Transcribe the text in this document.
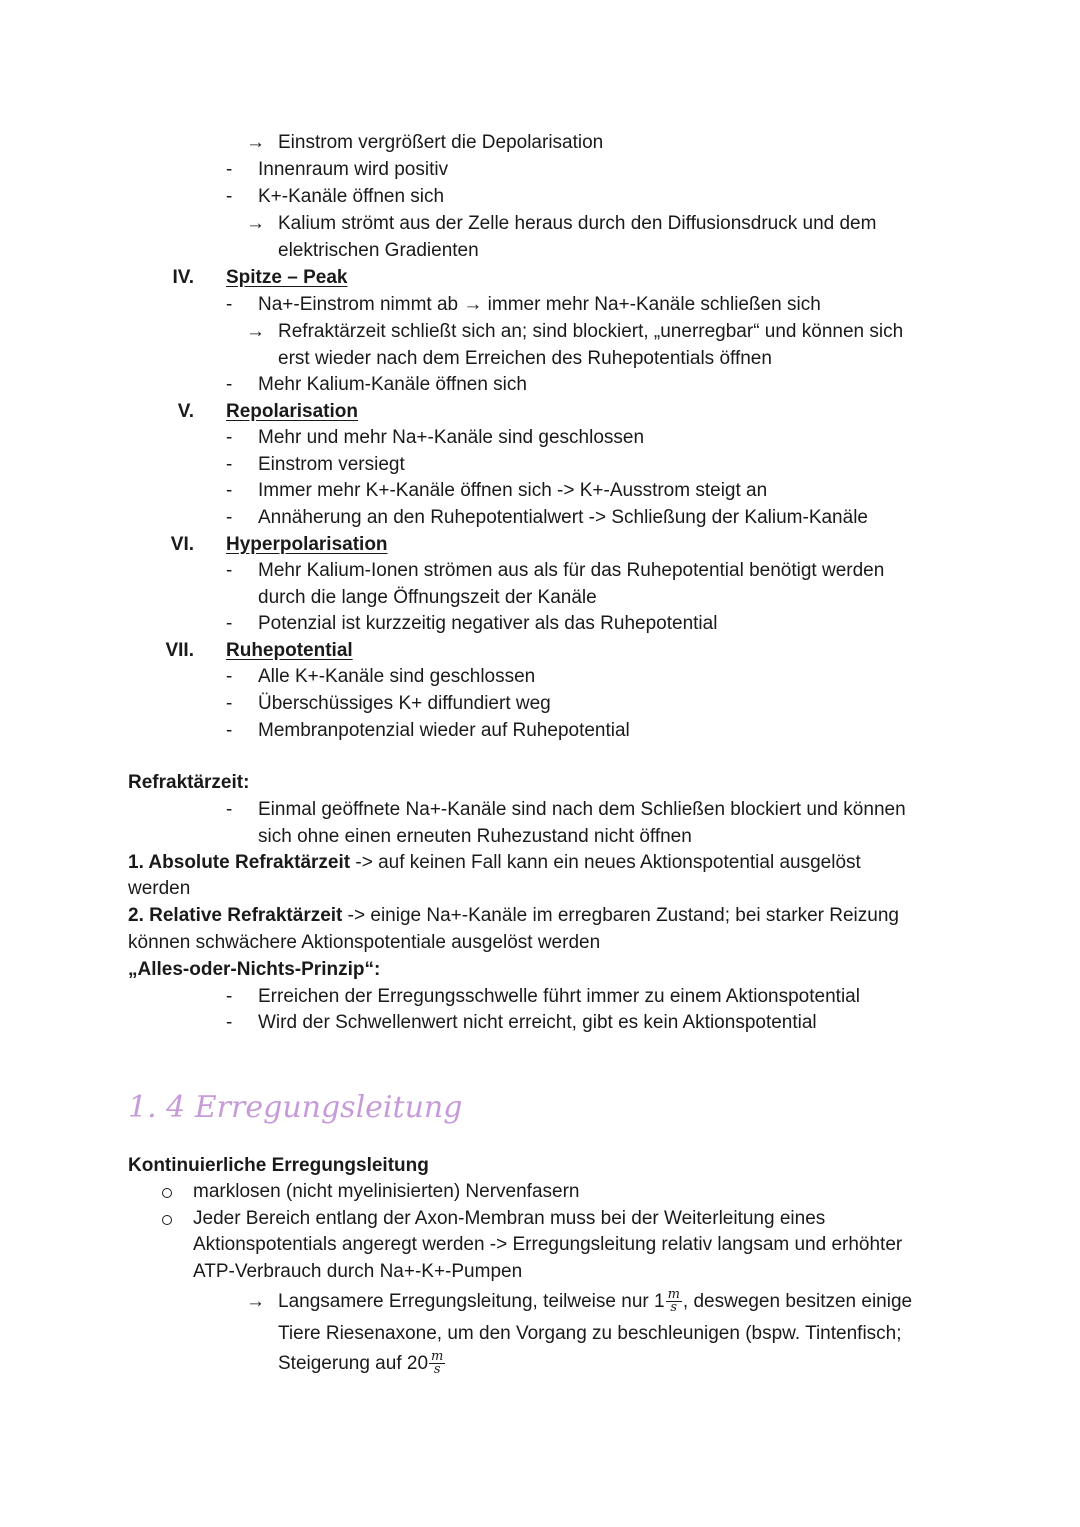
→ Einstrom vergrößert die Depolarisation
- Innenraum wird positiv
- K+-Kanäle öffnen sich
→ Kalium strömt aus der Zelle heraus durch den Diffusionsdruck und dem
elektrischen Gradienten
IV. Spitze – Peak
- Na+-Einstrom nimmt ab → immer mehr Na+-Kanäle schließen sich
→ Refraktärzeit schließt sich an; sind blockiert, „unerregbar“ und können sich
erst wieder nach dem Erreichen des Ruhepotentials öffnen
- Mehr Kalium-Kanäle öffnen sich
V. Repolarisation
- Mehr und mehr Na+-Kanäle sind geschlossen
- Einstrom versiegt
- Immer mehr K+-Kanäle öffnen sich -> K+-Ausstrom steigt an
- Annäherung an den Ruhepotentialwert -> Schließung der Kalium-Kanäle
VI. Hyperpolarisation
- Mehr Kalium-Ionen strömen aus als für das Ruhepotential benötigt werden
durch die lange Öffnungszeit der Kanäle
- Potenzial ist kurzzeitig negativer als das Ruhepotential
VII. Ruhepotential
- Alle K+-Kanäle sind geschlossen
- Überschüssiges K+ diffundiert weg
- Membranpotenzial wieder auf Ruhepotential
Refraktärzeit:
- Einmal geöffnete Na+-Kanäle sind nach dem Schließen blockiert und können
sich ohne einen erneuten Ruhezustand nicht öffnen
1. Absolute Refraktärzeit -> auf keinen Fall kann ein neues Aktionspotential ausgelöst
werden
2. Relative Refraktärzeit -> einige Na+-Kanäle im erregbaren Zustand; bei starker Reizung
können schwächere Aktionspotentiale ausgelöst werden
„Alles-oder-Nichts-Prinzip“:
- Erreichen der Erregungsschwelle führt immer zu einem Aktionspotential
- Wird der Schwellenwert nicht erreicht, gibt es kein Aktionspotential
1. 4 Erregungsleitung
Kontinuierliche Erregungsleitung
marklosen (nicht myelinisierten) Nervenfasern
Jeder Bereich entlang der Axon-Membran muss bei der Weiterleitung eines
Aktionspotentials angeregt werden -> Erregungsleitung relativ langsam und erhöhter
ATP-Verbrauch durch Na+-K+-Pumpen
→ Langsamere Erregungsleitung, teilweise nur $1 \frac{m}{s}$ , deswegen besitzen einige
Tiere Riesenaxone, um den Vorgang zu beschleunigen (bspw. Tintenfisch;
Steigerung auf $20 \frac{m}{s}$
